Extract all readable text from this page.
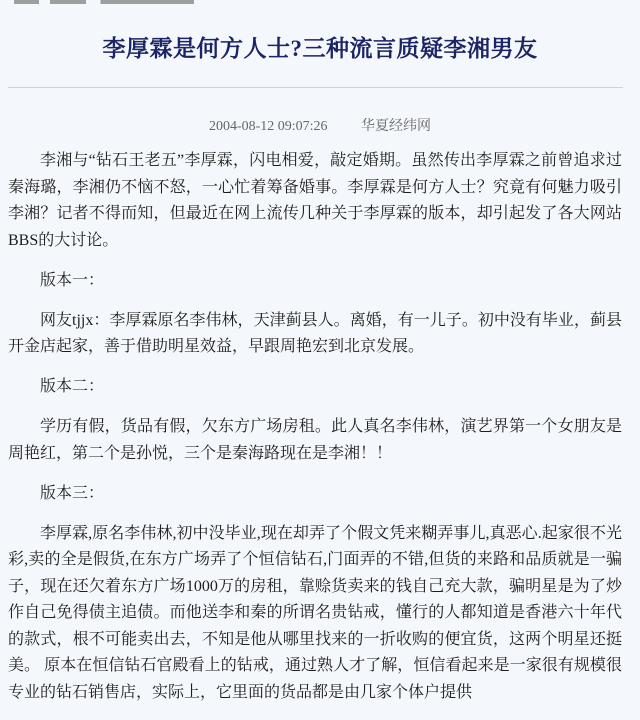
李厚霖是何方人士?三种流言质疑李湘男友
2004-08-12 09:07:26 华夏经纬网

李湘与“钻石王老五”李厚霖，闪电相爱，敲定婚期。虽然传出李厚霖之前曾追求过秦海璐，李湘仍不恼不怒，一心忙着筹备婚事。李厚霖是何方人士？究竟有何魅力吸引李湘？记者不得而知，但最近在网上流传几种关于李厚霖的版本，却引起发了各大网站BBS的大讨论。

版本一：

网友tjjx：李厚霖原名李伟林，天津蓟县人。离婚，有一儿子。初中没有毕业，蓟县开金店起家，善于借助明星效益，早跟周艳宏到北京发展。

版本二：

学历有假，货品有假，欠东方广场房租。此人真名李伟林，演艺界第一个女朋友是周艳红，第二个是孙悦，三个是秦海路现在是李湘！！

版本三：

李厚霖,原名李伟林,初中没毕业,现在却弄了个假文凭来糊弄事儿,真恶心.起家很不光彩,卖的全是假货,在东方广场弄了个恒信钻石,门面弄的不错,但货的来路和品质就是一骗子，现在还欠着东方广场1000万的房租，靠赊货卖来的钱自己充大款，骗明星是为了炒作自己免得债主追债。而他送李和秦的所谓名贵钻戒，懂行的人都知道是香港六十年代的款式，根不可能卖出去，不知是他从哪里找来的一折收购的便宜货，这两个明星还挺美。 原本在恒信钻石官殿看上的钻戒，通过熟人才了解，恒信看起来是一家很有规模很专业的钻石销售店，实际上，它里面的货品都是由几家个体户提供
